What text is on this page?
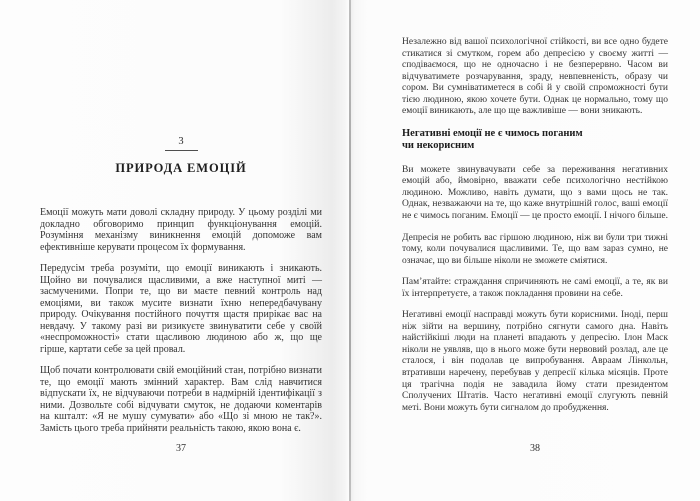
3
ПРИРОДА ЕМОЦІЙ

Емоції можуть мати доволі складну природу. У цьому розділі ми докладно обговоримо принцип функціонування емоцій. Розуміння механізму виникнення емоцій допоможе вам ефективніше керувати процесом їх формування.

Передусім треба розуміти, що емоції виникають і зникають. Щойно ви почувалися щасливими, а вже наступної миті — засмученими. Попри те, що ви маєте певний контроль над емоціями, ви також мусите визнати їхню непередбачувану природу. Очікування постійного почуття щастя прирікає вас на невдачу. У такому разі ви ризикуєте звинуватити себе у своїй «неспроможності» стати щасливою людиною або ж, що ще гірше, картати себе за цей провал.

Щоб почати контролювати свій емоційний стан, потрібно визнати те, що емоції мають змінний характер. Вам слід навчитися відпускати їх, не відчуваючи потреби в надмірній ідентифікації з ними. Дозвольте собі відчувати смуток, не додаючи коментарів на кшталт: «Я не мушу сумувати» або «Що зі мною не так?». Замість цього треба прийняти реальність такою, якою вона є.

37

Незалежно від вашої психологічної стійкості, ви все одно будете стикатися зі смутком, горем або депресією у своєму житті — сподіваємося, що не одночасно і не безперервно. Часом ви відчуватимете розчарування, зраду, невпевненість, образу чи сором. Ви сумніватиметеся в собі й у своїй спроможності бути тією людиною, якою хочете бути. Однак це нормально, тому що емоції виникають, але що ще важливіше — вони зникають.

Негативні емоції не є чимось поганим
чи некорисним

Ви можете звинувачувати себе за переживання негативних емоцій або, ймовірно, вважати себе психологічно нестійкою людиною. Можливо, навіть думати, що з вами щось не так. Однак, незважаючи на те, що каже внутрішній голос, ваші емоції не є чимось поганим. Емоції — це просто емоції. І нічого більше.

Депресія не робить вас гіршою людиною, ніж ви були три тижні тому, коли почувалися щасливими. Те, що вам зараз сумно, не означає, що ви більше ніколи не зможете сміятися.

Пам’ятайте: страждання спричиняють не самі емоції, а те, як ви їх інтерпретуєте, а також покладання провини на себе.

Негативні емоції насправді можуть бути корисними. Іноді, перш ніж зійти на вершину, потрібно сягнути самого дна. Навіть найстійкіші люди на планеті впадають у депресію. Ілон Маск ніколи не уявляв, що в нього може бути нервовий розлад, але це сталося, і він подолав це випробування. Авраам Лінкольн, втративши наречену, перебував у депресії кілька місяців. Проте ця трагічна подія не завадила йому стати президентом Сполучених Штатів. Часто негативні емоції слугують певній меті. Вони можуть бути сигналом до пробудження.

38
